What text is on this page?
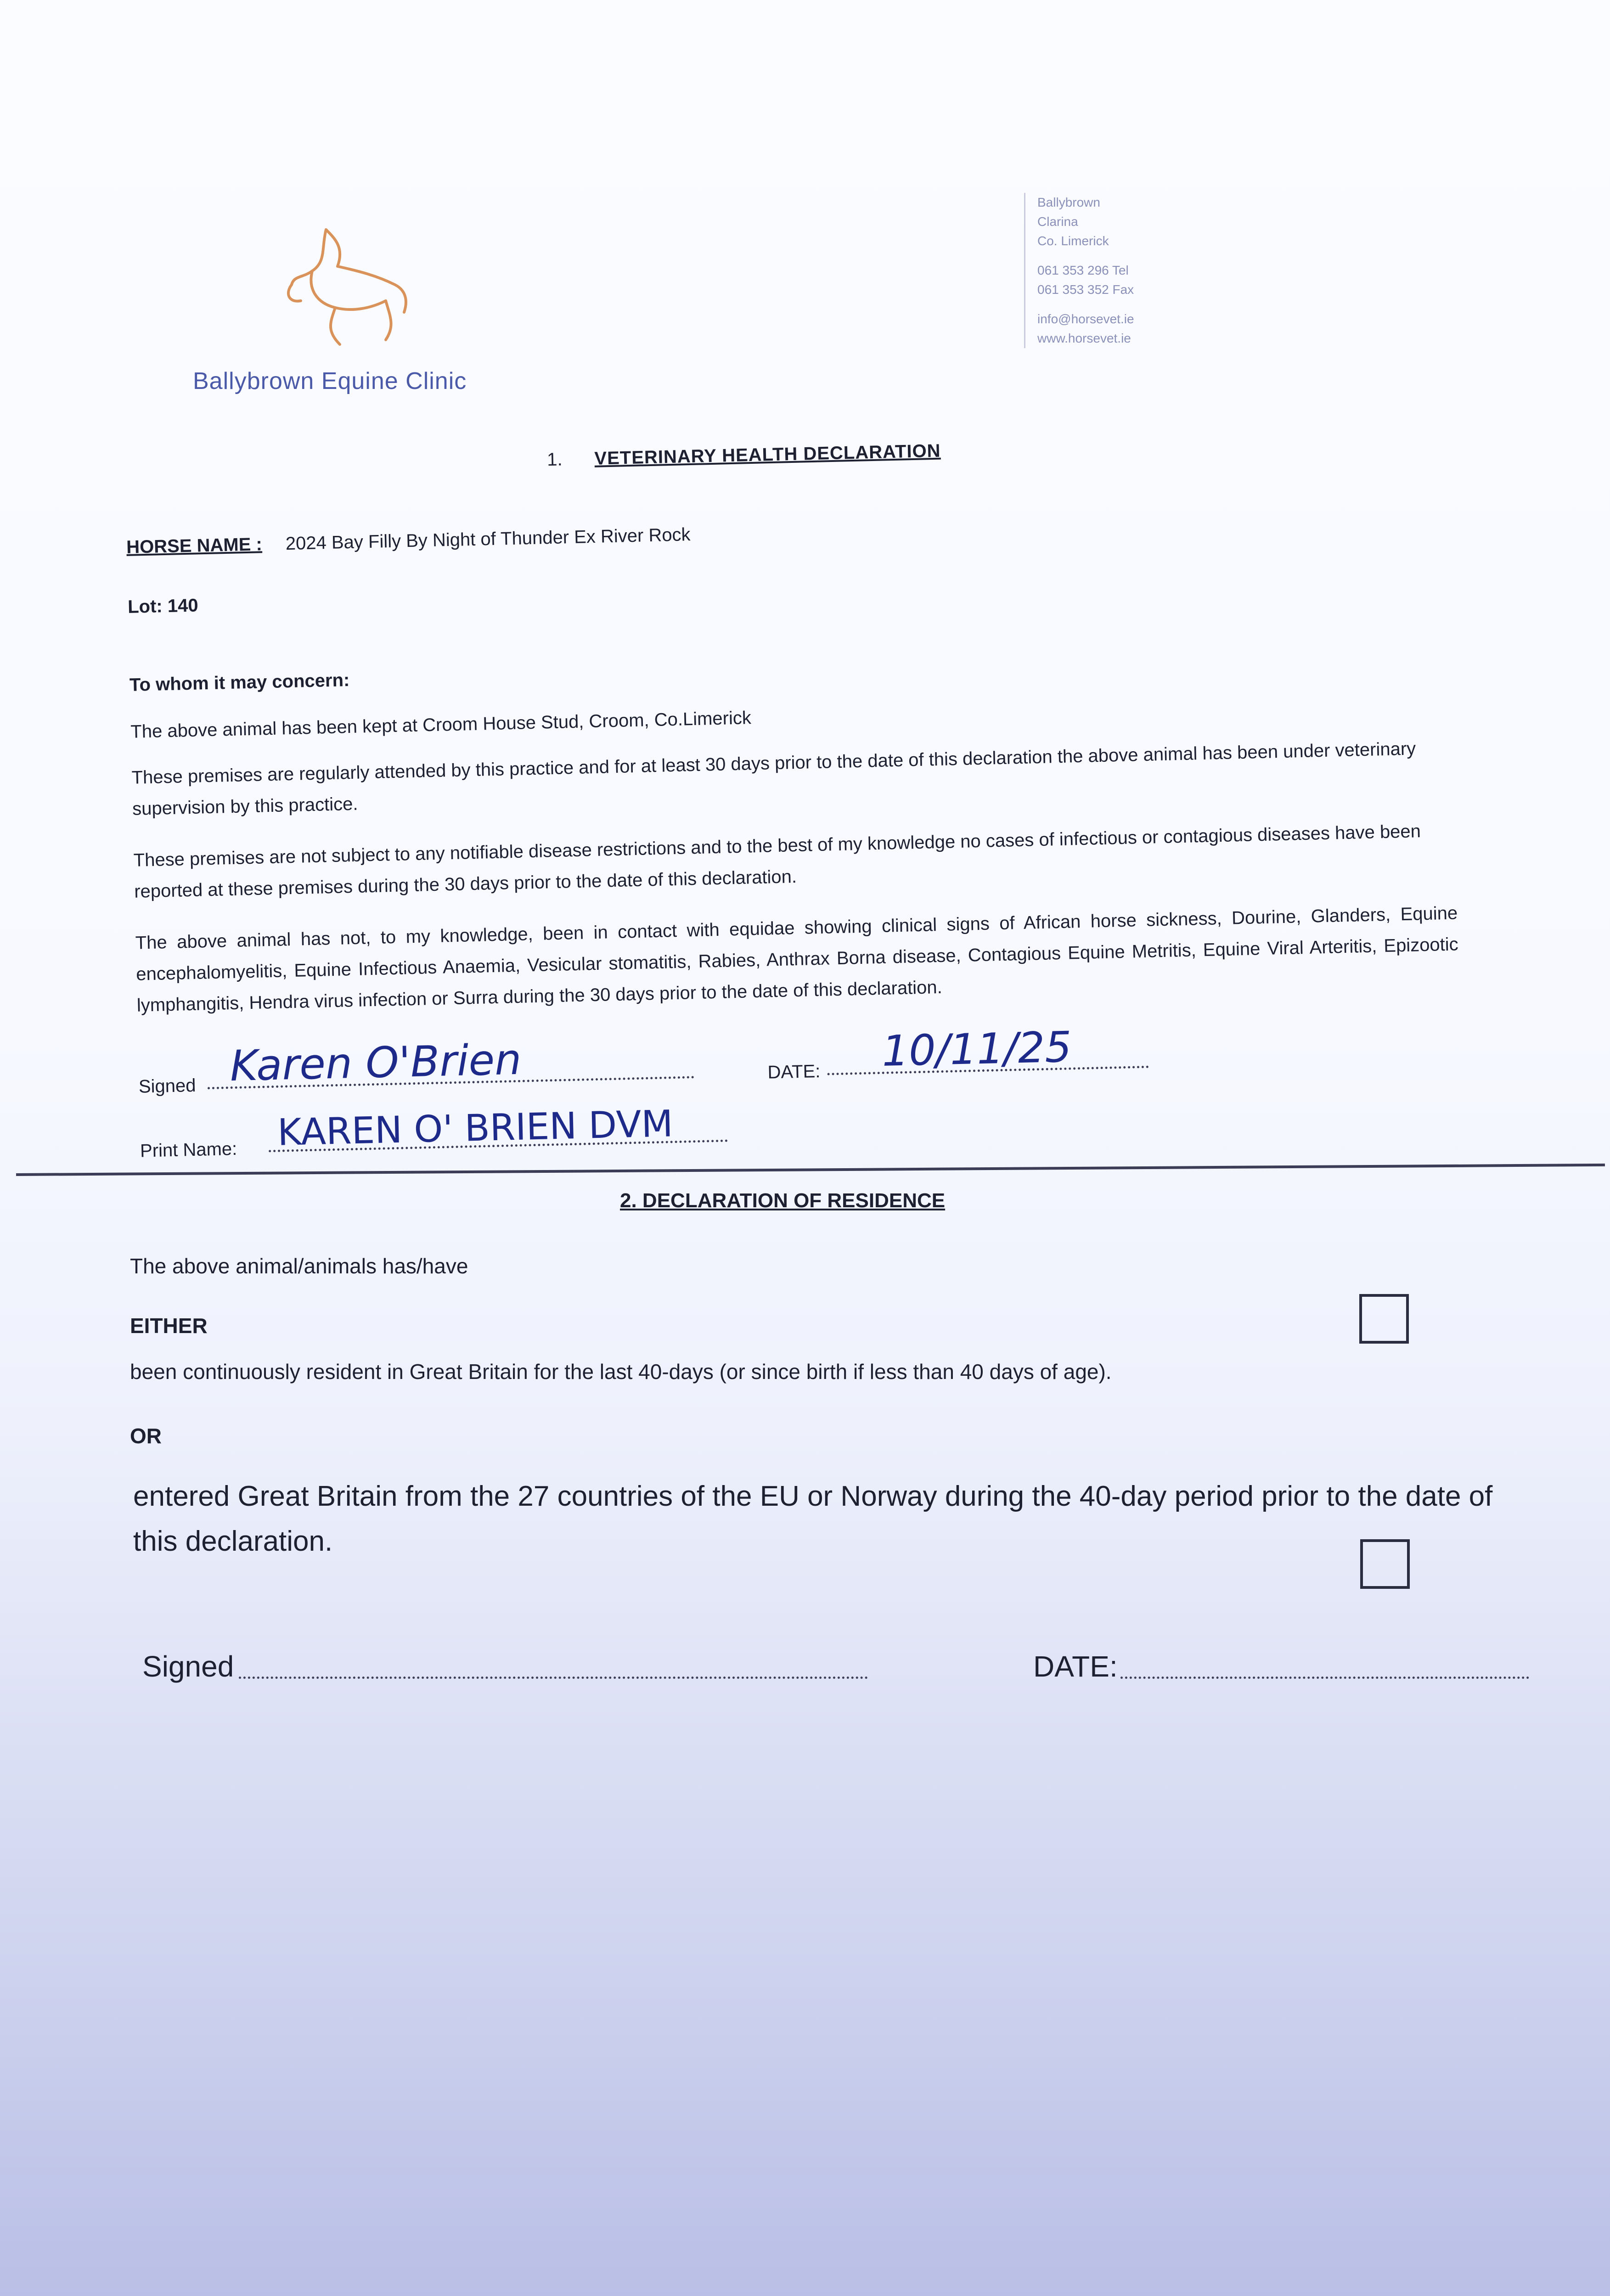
Ballybrown Equine Clinic
Ballybrown
Clarina
Co. Limerick
061 353 296 Tel
061 353 352 Fax
info@horsevet.ie
www.horsevet.ie
1. VETERINARY HEALTH DECLARATION
HORSE NAME : 2024 Bay Filly By Night of Thunder Ex River Rock
Lot: 140
To whom it may concern:
The above animal has been kept at Croom House Stud, Croom, Co.Limerick
These premises are regularly attended by this practice and for at least 30 days prior to the date of this declaration the above animal has been under veterinary supervision by this practice.
These premises are not subject to any notifiable disease restrictions and to the best of my knowledge no cases of infectious or contagious diseases have been reported at these premises during the 30 days prior to the date of this declaration.
The above animal has not, to my knowledge, been in contact with equidae showing clinical signs of African horse sickness, Dourine, Glanders, Equine encephalomyelitis, Equine Infectious Anaemia, Vesicular stomatitis, Rabies, Anthrax Borna disease, Contagious Equine Metritis, Equine Viral Arteritis, Epizootic lymphangitis, Hendra virus infection or Surra during the 30 days prior to the date of this declaration.
Signed Karen O'Brien	DATE: 10/11/25
Print Name: KAREN O' BRIEN DVM
2. DECLARATION OF RESIDENCE
The above animal/animals has/have
EITHER
been continuously resident in Great Britain for the last 40-days (or since birth if less than 40 days of age).
OR
entered Great Britain from the 27 countries of the EU or Norway during the 40-day period prior to the date of this declaration.
Signed	DATE:
